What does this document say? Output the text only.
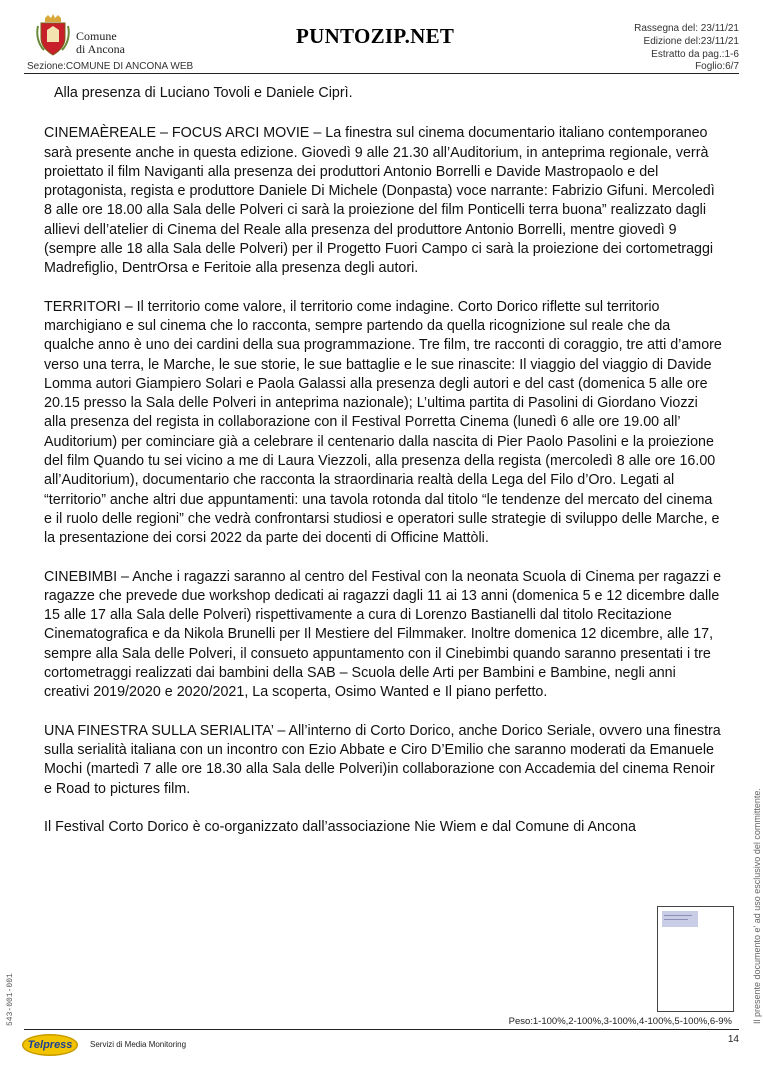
Comune
di Ancona
PUNTOZIP.NET	Rassegna del: 23/11/21
Edizione del:23/11/21
Estratto da pag.:1-6
Sezione:COMUNE DI ANCONA WEB	Foglio:6/7

Alla presenza di Luciano Tovoli e Daniele Ciprì.

CINEMAÈREALE – FOCUS ARCI MOVIE – La finestra sul cinema documentario italiano contemporaneo sarà presente anche in questa edizione. Giovedì 9 alle 21.30 all’Auditorium, in anteprima regionale, verrà proiettato il film Naviganti alla presenza dei produttori Antonio Borrelli e Davide Mastropaolo e del protagonista, regista e produttore Daniele Di Michele (Donpasta) voce narrante: Fabrizio Gifuni. Mercoledì 8 alle ore 18.00 alla Sala delle Polveri ci sarà la proiezione del film Ponticelli terra buona” realizzato dagli allievi dell’atelier di Cinema del Reale alla presenza del produttore Antonio Borrelli, mentre giovedì 9 (sempre alle 18 alla Sala delle Polveri) per il Progetto Fuori Campo ci sarà la proiezione dei cortometraggi Madrefiglio, DentrOrsa e Feritoie alla presenza degli autori.

TERRITORI – Il territorio come valore, il territorio come indagine. Corto Dorico riflette sul territorio marchigiano e sul cinema che lo racconta, sempre partendo da quella ricognizione sul reale che da qualche anno è uno dei cardini della sua programmazione. Tre film, tre racconti di coraggio, tre atti d’amore verso una terra, le Marche, le sue storie, le sue battaglie e le sue rinascite: Il viaggio del viaggio di Davide Lomma autori Giampiero Solari e Paola Galassi alla presenza degli autori e del cast (domenica 5 alle ore 20.15 presso la Sala delle Polveri in anteprima nazionale); L’ultima partita di Pasolini di Giordano Viozzi alla presenza del regista in collaborazione con il Festival Porretta Cinema (lunedì 6 alle ore 19.00 all’ Auditorium) per cominciare già a celebrare il centenario dalla nascita di Pier Paolo Pasolini e la proiezione del film Quando tu sei vicino a me di Laura Viezzoli, alla presenza della regista (mercoledì 8 alle ore 16.00 all’Auditorium), documentario che racconta la straordinaria realtà della Lega del Filo d’Oro. Legati al “territorio” anche altri due appuntamenti: una tavola rotonda dal titolo “le tendenze del mercato del cinema e il ruolo delle regioni” che vedrà confrontarsi studiosi e operatori sulle strategie di sviluppo delle Marche, e la presentazione dei corsi 2022 da parte dei docenti di Officine Mattòli.

CINEBIMBI – Anche i ragazzi saranno al centro del Festival con la neonata Scuola di Cinema per ragazzi e ragazze che prevede due workshop dedicati ai ragazzi dagli 11 ai 13 anni (domenica 5 e 12 dicembre dalle 15 alle 17 alla Sala delle Polveri) rispettivamente a cura di Lorenzo Bastianelli dal titolo Recitazione Cinematografica e da Nikola Brunelli per Il Mestiere del Filmmaker. Inoltre domenica 12 dicembre, alle 17, sempre alla Sala delle Polveri, il consueto appuntamento con il Cinebimbi quando saranno presentati i tre cortometraggi realizzati dai bambini della SAB – Scuola delle Arti per Bambini e Bambine, negli anni creativi 2019/2020 e 2020/2021, La scoperta, Osimo Wanted e Il piano perfetto.

UNA FINESTRA SULLA SERIALITA’ – All’interno di Corto Dorico, anche Dorico Seriale, ovvero una finestra sulla serialità italiana con un incontro con Ezio Abbate e Ciro D’Emilio che saranno moderati da Emanuele Mochi (martedì 7 alle ore 18.30 alla Sala delle Polveri)in collaborazione con Accademia del cinema Renoir e Road to pictures film.

Il Festival Corto Dorico è co-organizzato dall’associazione Nie Wiem e dal Comune di Ancona	Il presente documento e' ad uso esclusivo del committente.
543-001-001	Peso:1-100%,2-100%,3-100%,4-100%,5-100%,6-9%
14
Telpress	Servizi di Media Monitoring
